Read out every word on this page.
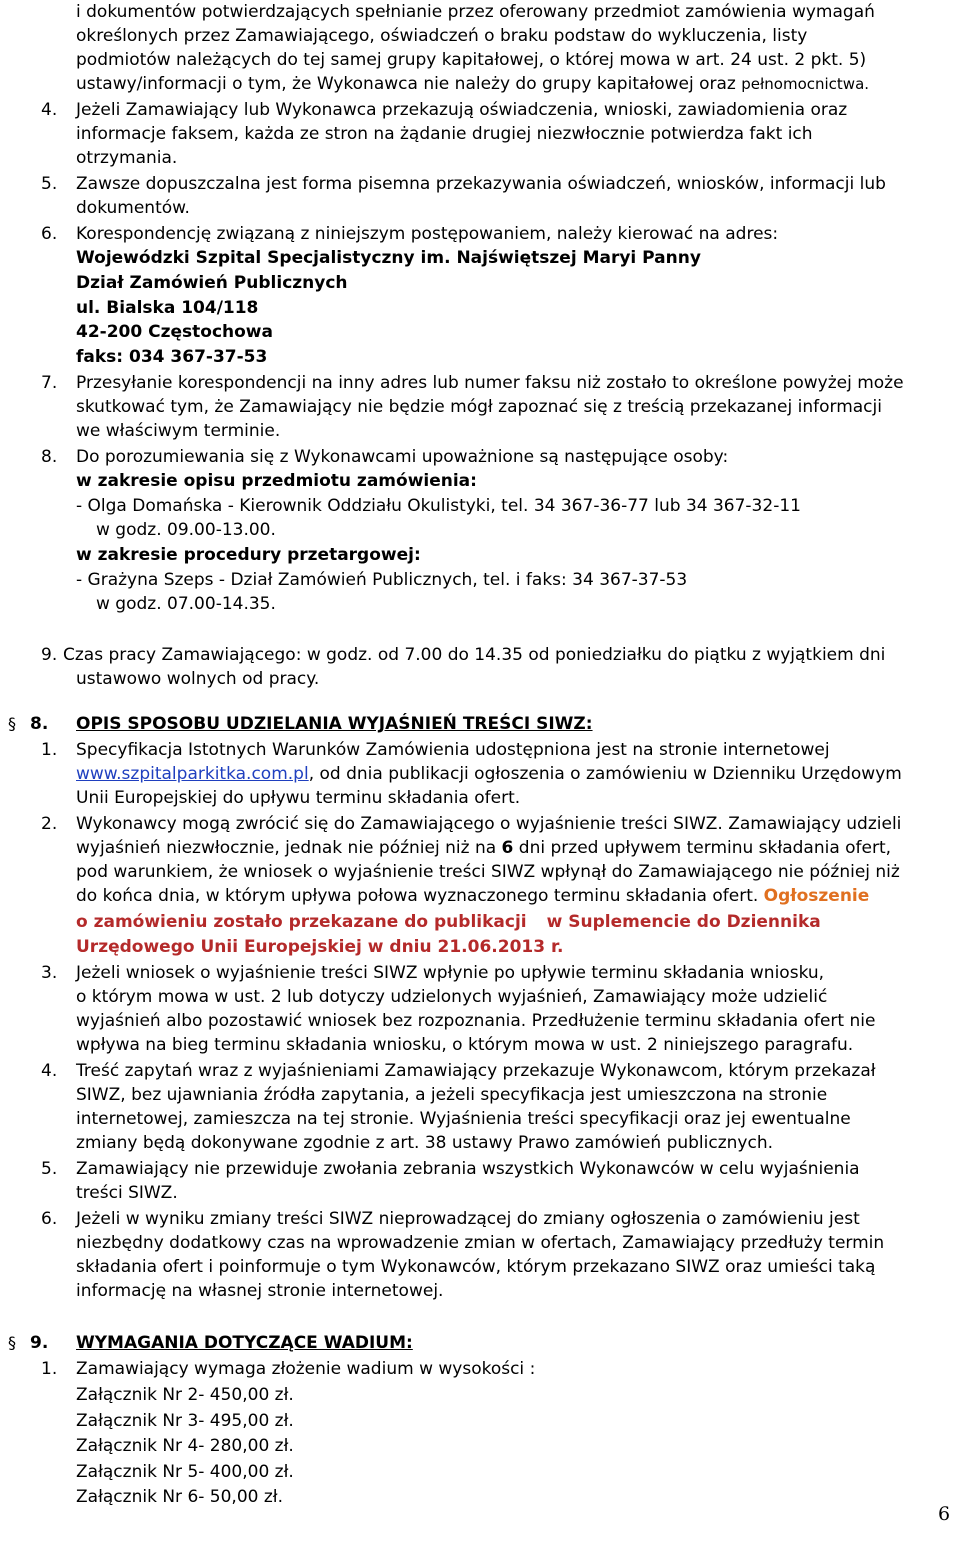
i dokumentów potwierdzających spełnianie przez oferowany przedmiot zamówienia wymagań
określonych przez Zamawiającego, oświadczeń o braku podstaw do wykluczenia, listy
podmiotów należących do tej samej grupy kapitałowej, o której mowa w art. 24 ust. 2 pkt. 5)
ustawy/informacji o tym, że Wykonawca nie należy do grupy kapitałowej oraz pełnomocnictwa.
4. Jeżeli Zamawiający lub Wykonawca przekazują oświadczenia, wnioski, zawiadomienia oraz
informacje faksem, każda ze stron na żądanie drugiej niezwłocznie potwierdza fakt ich
otrzymania.
5. Zawsze dopuszczalna jest forma pisemna przekazywania oświadczeń, wniosków, informacji lub
dokumentów.
6. Korespondencję związaną z niniejszym postępowaniem, należy kierować na adres:
Wojewódzki Szpital Specjalistyczny im. Najświętszej Maryi Panny
Dział Zamówień Publicznych
ul. Bialska 104/118
42-200 Częstochowa
faks: 034 367-37-53
7. Przesyłanie korespondencji na inny adres lub numer faksu niż zostało to określone powyżej może
skutkować tym, że Zamawiający nie będzie mógł zapoznać się z treścią przekazanej informacji
we właściwym terminie.
8. Do porozumiewania się z Wykonawcami upoważnione są następujące osoby:
w zakresie opisu przedmiotu zamówienia:
- Olga Domańska - Kierownik Oddziału Okulistyki, tel. 34 367-36-77 lub 34 367-32-11
w godz. 09.00-13.00.
w zakresie procedury przetargowej:
- Grażyna Szeps - Dział Zamówień Publicznych, tel. i faks: 34 367-37-53
w godz. 07.00-14.35.
9. Czas pracy Zamawiającego: w godz. od 7.00 do 14.35 od poniedziałku do piątku z wyjątkiem dni
ustawowo wolnych od pracy.
§ 8. OPIS SPOSOBU UDZIELANIA WYJAŚNIEŃ TREŚCI SIWZ:
1. Specyfikacja Istotnych Warunków Zamówienia udostępniona jest na stronie internetowej
www.szpitalparkitka.com.pl, od dnia publikacji ogłoszenia o zamówieniu w Dzienniku Urzędowym
Unii Europejskiej do upływu terminu składania ofert.
2. Wykonawcy mogą zwrócić się do Zamawiającego o wyjaśnienie treści SIWZ. Zamawiający udzieli
wyjaśnień niezwłocznie, jednak nie później niż na 6 dni przed upływem terminu składania ofert,
pod warunkiem, że wniosek o wyjaśnienie treści SIWZ wpłynął do Zamawiającego nie później niż
do końca dnia, w którym upływa połowa wyznaczonego terminu składania ofert. Ogłoszenie
o zamówieniu zostało przekazane do publikacji w Suplemencie do Dziennika
Urzędowego Unii Europejskiej w dniu 21.06.2013 r.
3. Jeżeli wniosek o wyjaśnienie treści SIWZ wpłynie po upływie terminu składania wniosku,
o którym mowa w ust. 2 lub dotyczy udzielonych wyjaśnień, Zamawiający może udzielić
wyjaśnień albo pozostawić wniosek bez rozpoznania. Przedłużenie terminu składania ofert nie
wpływa na bieg terminu składania wniosku, o którym mowa w ust. 2 niniejszego paragrafu.
4. Treść zapytań wraz z wyjaśnieniami Zamawiający przekazuje Wykonawcom, którym przekazał
SIWZ, bez ujawniania źródła zapytania, a jeżeli specyfikacja jest umieszczona na stronie
internetowej, zamieszcza na tej stronie. Wyjaśnienia treści specyfikacji oraz jej ewentualne
zmiany będą dokonywane zgodnie z art. 38 ustawy Prawo zamówień publicznych.
5. Zamawiający nie przewiduje zwołania zebrania wszystkich Wykonawców w celu wyjaśnienia
treści SIWZ.
6. Jeżeli w wyniku zmiany treści SIWZ nieprowadzącej do zmiany ogłoszenia o zamówieniu jest
niezbędny dodatkowy czas na wprowadzenie zmian w ofertach, Zamawiający przedłuży termin
składania ofert i poinformuje o tym Wykonawców, którym przekazano SIWZ oraz umieści taką
informację na własnej stronie internetowej.
§ 9. WYMAGANIA DOTYCZĄCE WADIUM:
1. Zamawiający wymaga złożenie wadium w wysokości :
Załącznik Nr 2- 450,00 zł.
Załącznik Nr 3- 495,00 zł.
Załącznik Nr 4- 280,00 zł.
Załącznik Nr 5- 400,00 zł.
Załącznik Nr 6- 50,00 zł.
6
